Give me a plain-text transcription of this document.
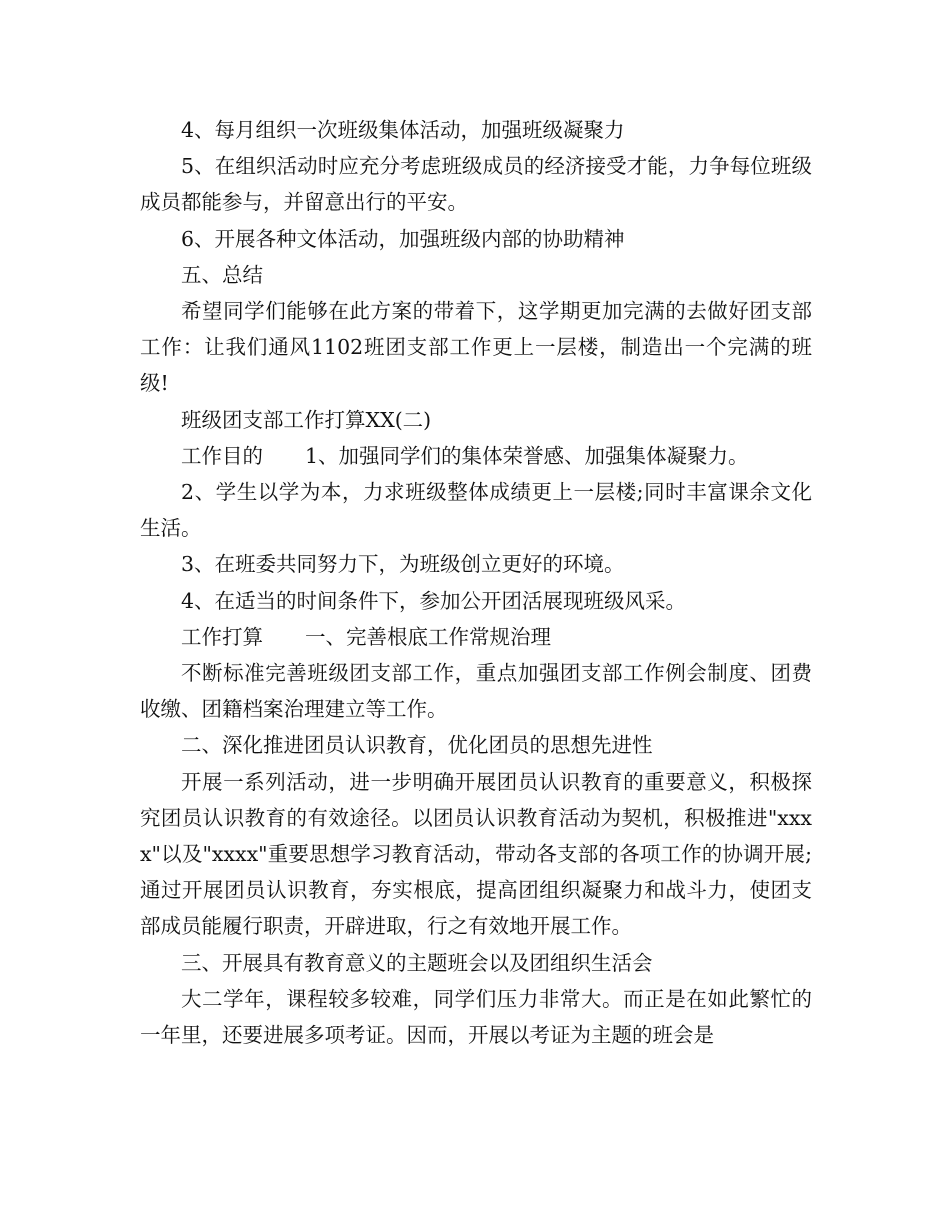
4、每月组织一次班级集体活动，加强班级凝聚力

5、在组织活动时应充分考虑班级成员的经济接受才能，力争每位班级成员都能参与，并留意出行的平安。

6、开展各种文体活动，加强班级内部的协助精神

五、总结

希望同学们能够在此方案的带着下，这学期更加完满的去做好团支部工作：让我们通风1102班团支部工作更上一层楼，制造出一个完满的班级!

班级团支部工作打算XX(二)

工作目的 1、加强同学们的集体荣誉感、加强集体凝聚力。

2、学生以学为本，力求班级整体成绩更上一层楼;同时丰富课余文化生活。

3、在班委共同努力下，为班级创立更好的环境。

4、在适当的时间条件下，参加公开团活展现班级风采。

工作打算 一、完善根底工作常规治理

不断标准完善班级团支部工作，重点加强团支部工作例会制度、团费收缴、团籍档案治理建立等工作。

二、深化推进团员认识教育，优化团员的思想先进性

开展一系列活动，进一步明确开展团员认识教育的重要意义，积极探究团员认识教育的有效途径。以团员认识教育活动为契机，积极推进"xxxx"以及"xxxx"重要思想学习教育活动，带动各支部的各项工作的协调开展;通过开展团员认识教育，夯实根底，提高团组织凝聚力和战斗力，使团支部成员能履行职责，开辟进取，行之有效地开展工作。

三、开展具有教育意义的主题班会以及团组织生活会

大二学年，课程较多较难，同学们压力非常大。而正是在如此繁忙的一年里，还要进展多项考证。因而，开展以考证为主题的班会是
